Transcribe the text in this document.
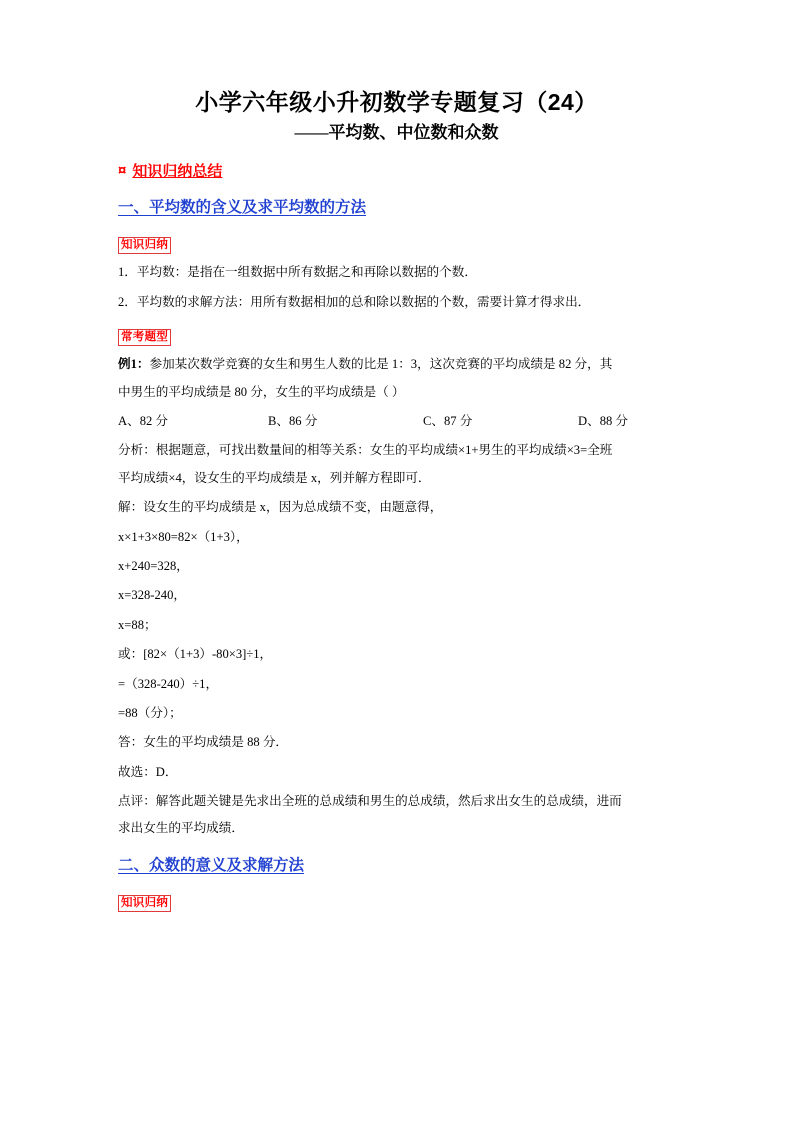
小学六年级小升初数学专题复习（24）
——平均数、中位数和众数
¤ 知识归纳总结
一、平均数的含义及求平均数的方法
知识归纳

1．平均数：是指在一组数据中所有数据之和再除以数据的个数．

2．平均数的求解方法：用所有数据相加的总和除以数据的个数，需要计算才得求出．

常考题型

例1：参加某次数学竞赛的女生和男生人数的比是 1：3，这次竞赛的平均成绩是 82 分，其

中男生的平均成绩是 80 分，女生的平均成绩是（ ）

A、82 分	B、86 分	C、87 分	D、88 分

分析：根据题意，可找出数量间的相等关系：女生的平均成绩×1+男生的平均成绩×3=全班

平均成绩×4，设女生的平均成绩是 x，列并解方程即可．

解：设女生的平均成绩是 x，因为总成绩不变，由题意得，

x×1+3×80=82×（1+3），

x+240=328，

x=328-240，

x=88；

或：[82×（1+3）-80×3]÷1，

=（328-240）÷1，

=88（分）；

答：女生的平均成绩是 88 分．

故选：D．

点评：解答此题关键是先求出全班的总成绩和男生的总成绩，然后求出女生的总成绩，进而

求出女生的平均成绩．

二、众数的意义及求解方法
知识归纳
